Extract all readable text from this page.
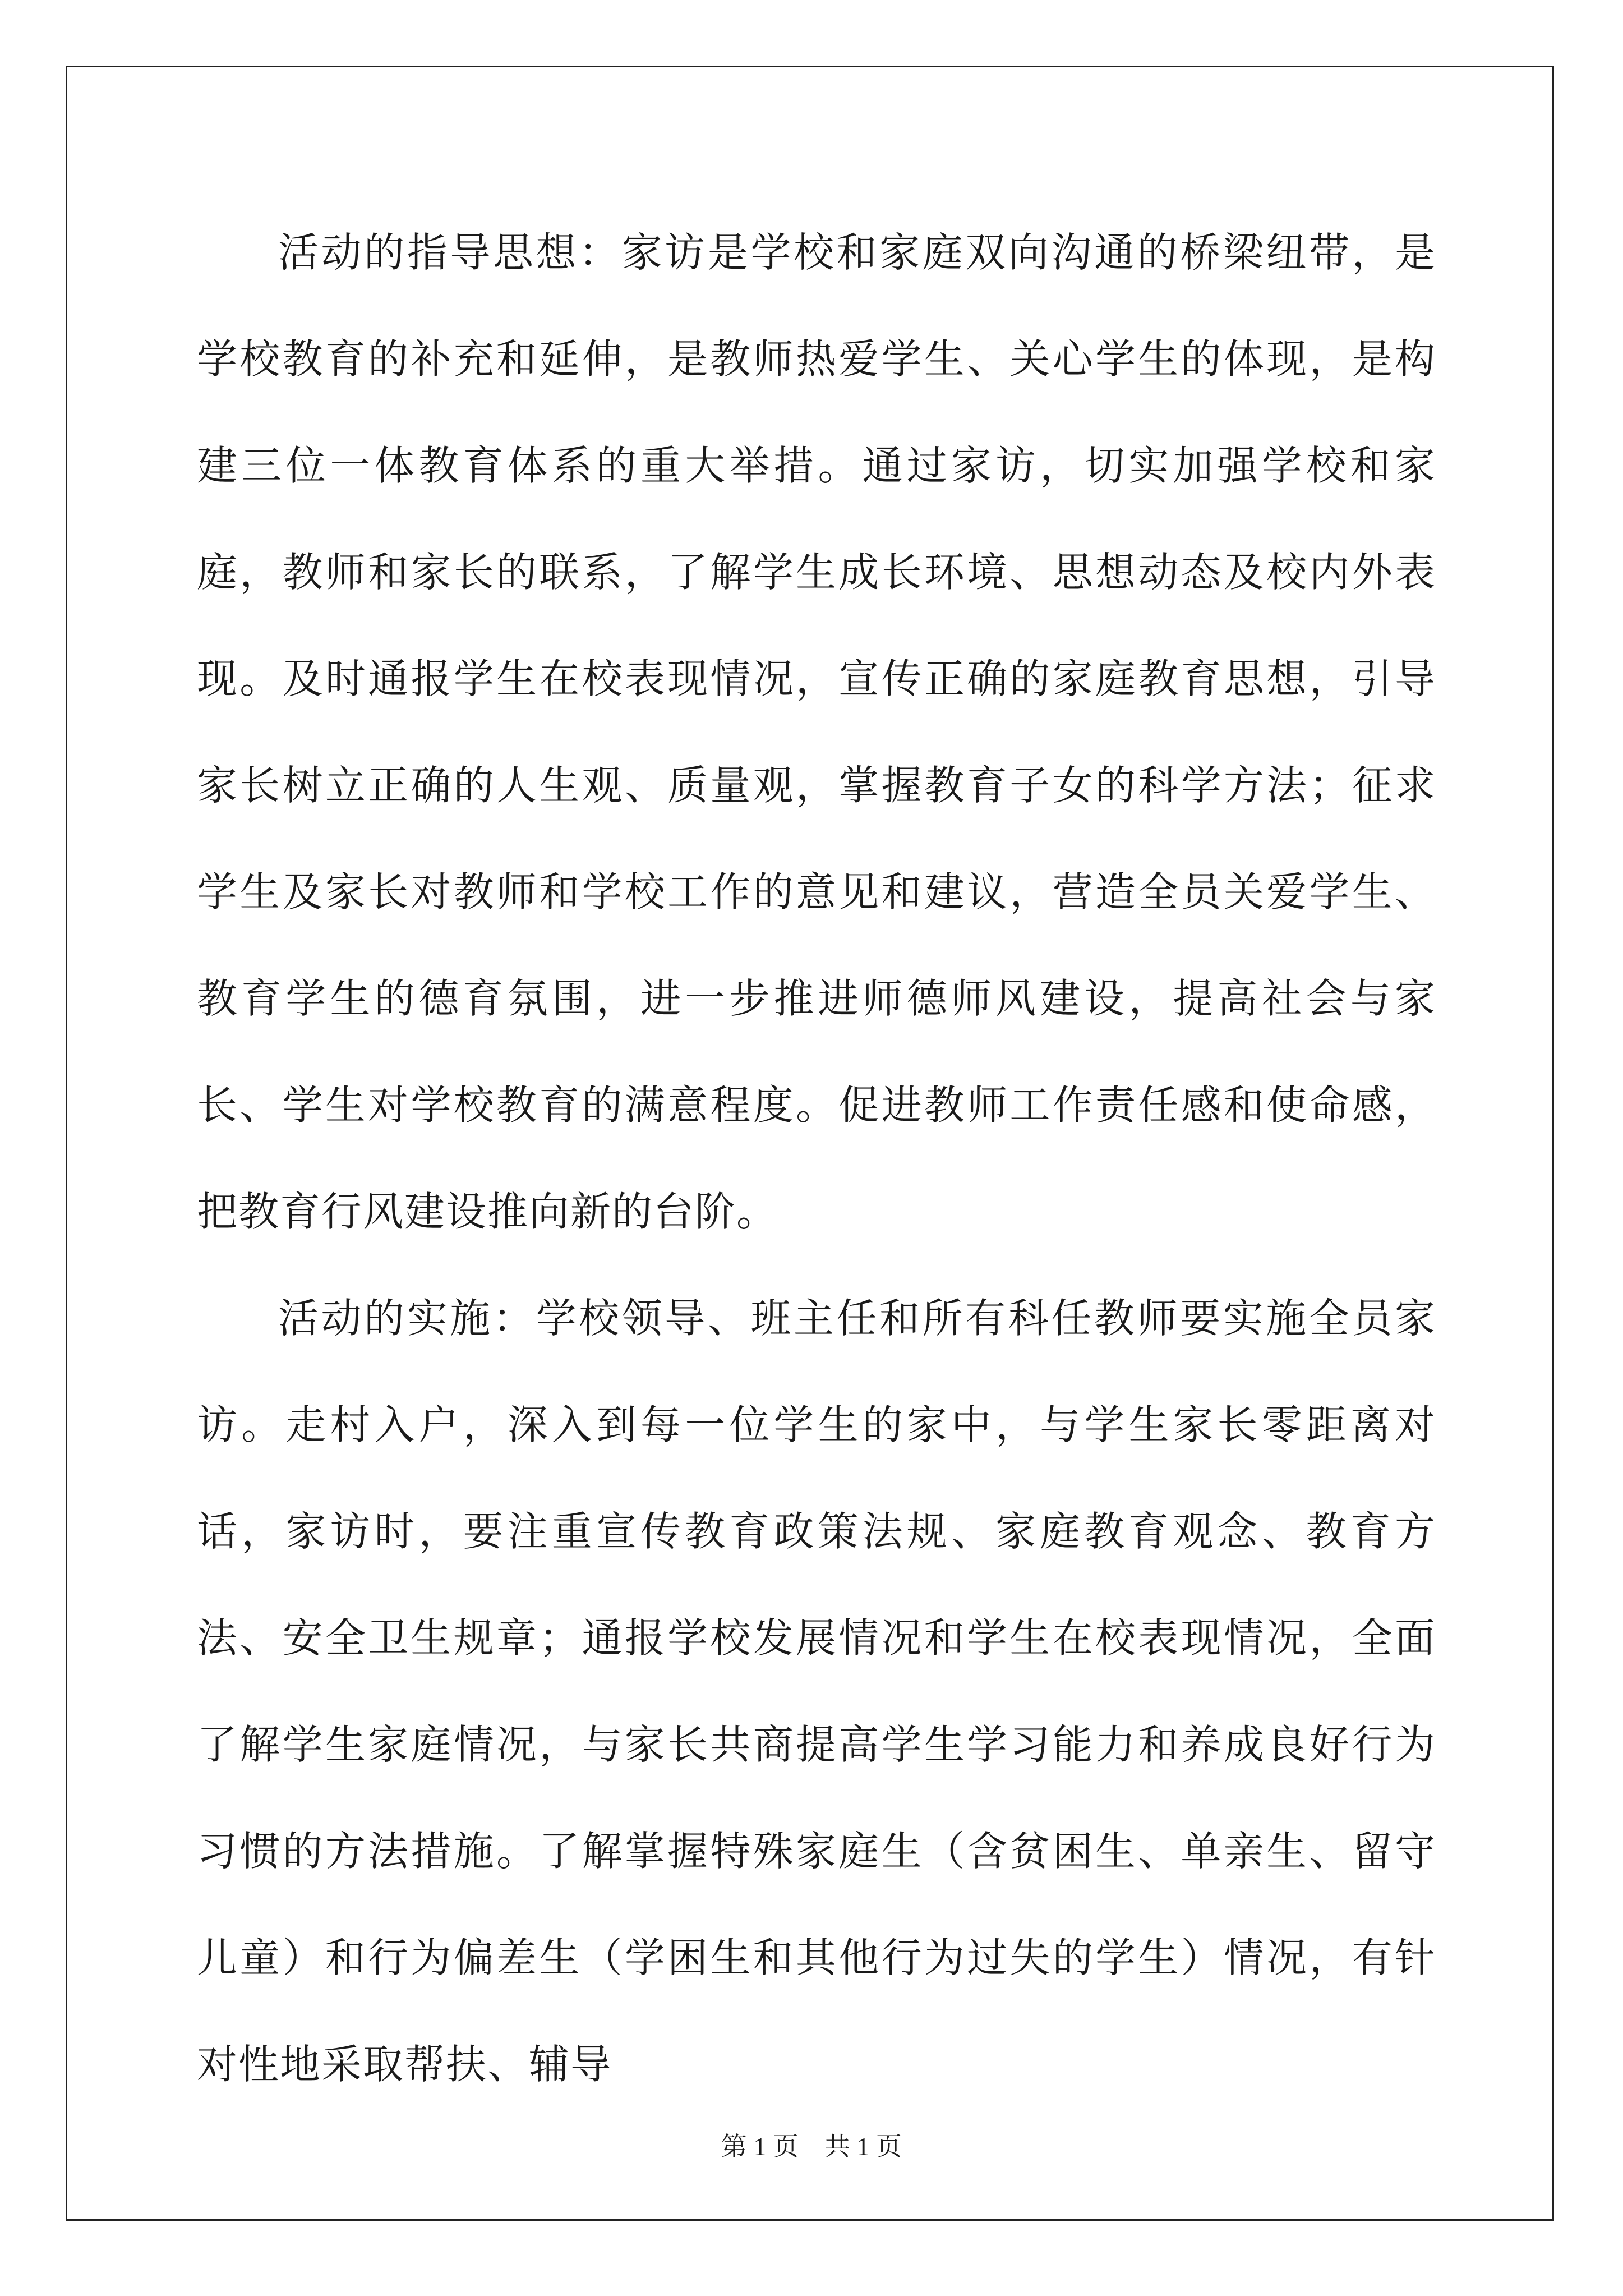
活动的指导思想：家访是学校和家庭双向沟通的桥梁纽带，是学校教育的补充和延伸，是教师热爱学生、关心学生的体现，是构建三位一体教育体系的重大举措。通过家访，切实加强学校和家庭，教师和家长的联系，了解学生成长环境、思想动态及校内外表现。及时通报学生在校表现情况，宣传正确的家庭教育思想，引导家长树立正确的人生观、质量观，掌握教育子女的科学方法；征求学生及家长对教师和学校工作的意见和建议，营造全员关爱学生、教育学生的德育氛围，进一步推进师德师风建设，提高社会与家长、学生对学校教育的满意程度。促进教师工作责任感和使命感，把教育行风建设推向新的台阶。

活动的实施：学校领导、班主任和所有科任教师要实施全员家访。走村入户，深入到每一位学生的家中，与学生家长零距离对话，家访时，要注重宣传教育政策法规、家庭教育观念、教育方法、安全卫生规章；通报学校发展情况和学生在校表现情况，全面了解学生家庭情况，与家长共商提高学生学习能力和养成良好行为习惯的方法措施。了解掌握特殊家庭生（含贫困生、单亲生、留守儿童）和行为偏差生（学困生和其他行为过失的学生）情况，有针对性地采取帮扶、辅导

第 1 页    共 1 页
